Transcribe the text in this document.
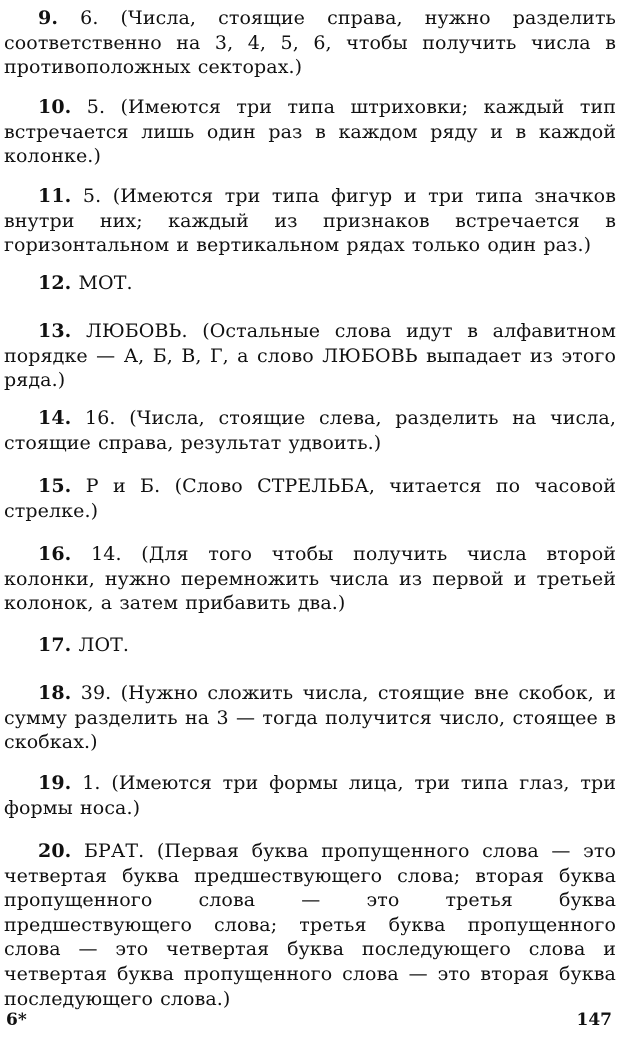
9. 6. (Числа, стоящие справа, нужно разделить соответственно на 3, 4, 5, 6, чтобы получить числа в противоположных секторах.)

10. 5. (Имеются три типа штриховки; каждый тип встречается лишь один раз в каждом ряду и в каждой колонке.)

11. 5. (Имеются три типа фигур и три типа значков внутри них; каждый из признаков встречается в горизонтальном и вертикальном рядах только один раз.)

12. МОТ.

13. ЛЮБОВЬ. (Остальные слова идут в алфавитном порядке — А, Б, В, Г, а слово ЛЮБОВЬ выпадает из этого ряда.)

14. 16. (Числа, стоящие слева, разделить на числа, стоящие справа, результат удвоить.)

15. Р и Б. (Слово СТРЕЛЬБА, читается по часовой стрелке.)

16. 14. (Для того чтобы получить числа второй колонки, нужно перемножить числа из первой и третьей колонок, а затем прибавить два.)

17. ЛОТ.

18. 39. (Нужно сложить числа, стоящие вне скобок, и сумму разделить на 3 — тогда получится число, стоящее в скобках.)

19. 1. (Имеются три формы лица, три типа глаз, три формы носа.)

20. БРАТ. (Первая буква пропущенного слова — это четвертая буква предшествующего слова; вторая буква пропущенного слова — это третья буква предшествующего слова; третья буква пропущенного слова — это четвертая буква последующего слова и четвертая буква пропущенного слова — это вторая буква последующего слова.)

6*	147
